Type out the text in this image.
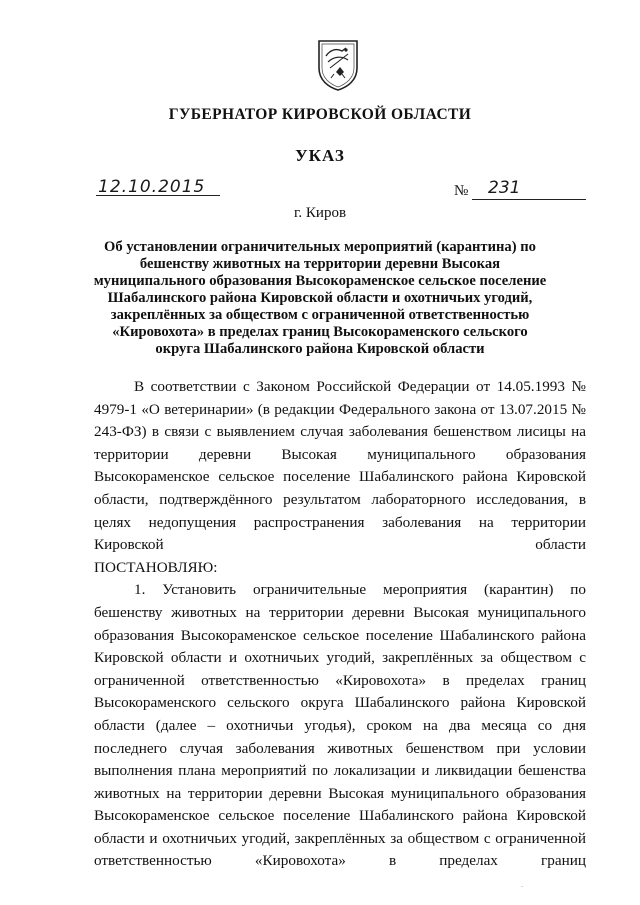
ГУБЕРНАТОР КИРОВСКОЙ ОБЛАСТИ
УКАЗ
12.10.2015	№ 231
г. Киров
Об установлении ограничительных мероприятий (карантина) по бешенству животных на территории деревни Высокая муниципального образования Высокораменское сельское поселение Шабалинского района Кировской области и охотничьих угодий, закреплённых за обществом с ограниченной ответственностью «Кировохота» в пределах границ Высокораменского сельского округа Шабалинского района Кировской области

В соответствии с Законом Российской Федерации от 14.05.1993 № 4979-1 «О ветеринарии» (в редакции Федерального закона от 13.07.2015 № 243-ФЗ) в связи с выявлением случая заболевания бешенством лисицы на территории деревни Высокая муниципального образования Высокораменское сельское поселение Шабалинского района Кировской области, подтверждённого результатом лабораторного исследования, в целях недопущения распространения заболевания на территории Кировской области

ПОСТАНОВЛЯЮ:

1. Установить ограничительные мероприятия (карантин) по бешенству животных на территории деревни Высокая муниципального образования Высокораменское сельское поселение Шабалинского района Кировской области и охотничьих угодий, закреплённых за обществом с ограниченной ответственностью «Кировохота» в пределах границ Высокораменского сельского округа Шабалинского района Кировской области (далее – охотничьи угодья), сроком на два месяца со дня последнего случая заболевания животных бешенством при условии выполнения плана мероприятий по локализации и ликвидации бешенства животных на территории деревни Высокая муниципального образования Высокораменское сельское поселение Шабалинского района Кировской области и охотничьих угодий, закреплённых за обществом с ограниченной ответственностью «Кировохота» в пределах границ

.
